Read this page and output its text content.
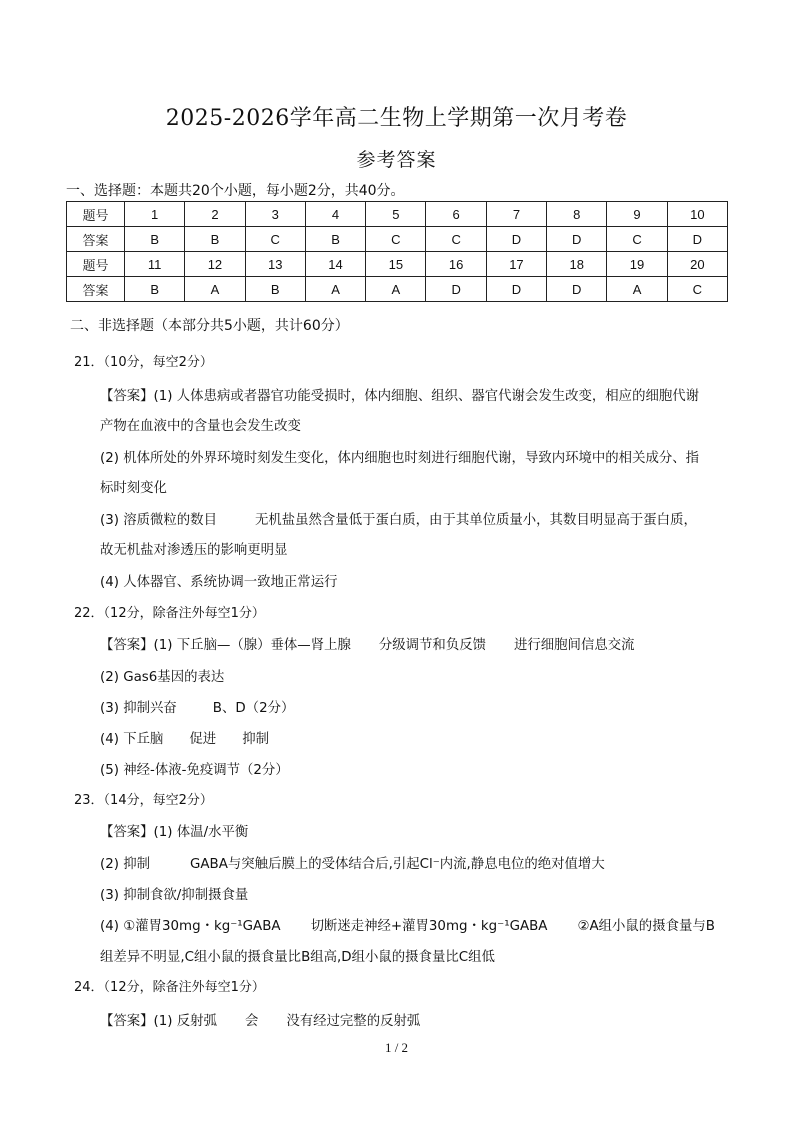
2025-2026学年高二生物上学期第一次月考卷
参考答案
一、选择题：本题共20个小题，每小题2分，共40分。
题号	1	2	3	4	5	6	7	8	9	10
答案	B	B	C	B	C	C	D	D	C	D
题号	11	12	13	14	15	16	17	18	19	20
答案	B	A	B	A	A	D	D	D	A	C
二、非选择题（本部分共5小题，共计60分）
21．（10分，每空2分）
【答案】(1) 人体患病或者器官功能受损时，体内细胞、组织、器官代谢会发生改变，相应的细胞代谢
产物在血液中的含量也会发生改变
(2) 机体所处的外界环境时刻发生变化，体内细胞也时刻进行细胞代谢，导致内环境中的相关成分、指
标时刻变化
(3) 溶质微粒的数目	无机盐虽然含量低于蛋白质，由于其单位质量小，其数目明显高于蛋白质，
故无机盐对渗透压的影响更明显
(4) 人体器官、系统协调一致地正常运行
22．（12分，除备注外每空1分）
【答案】(1) 下丘脑—（腺）垂体—肾上腺 分级调节和负反馈 进行细胞间信息交流
(2) Gas6基因的表达
(3) 抑制兴奋	B、D（2分）
(4) 下丘脑 促进 抑制
(5) 神经-体液-免疫调节（2分）
23．（14分，每空2分）
【答案】(1) 体温/水平衡
(2) 抑制	GABA与突触后膜上的受体结合后,引起Cl⁻内流,静息电位的绝对值增大
(3) 抑制食欲/抑制摄食量
(4) ①灌胃30mg・kg⁻¹GABA 切断迷走神经+灌胃30mg・kg⁻¹GABA ②A组小鼠的摄食量与B
组差异不明显,C组小鼠的摄食量比B组高,D组小鼠的摄食量比C组低
24．（12分，除备注外每空1分）
【答案】(1) 反射弧 会 没有经过完整的反射弧
1 / 2
